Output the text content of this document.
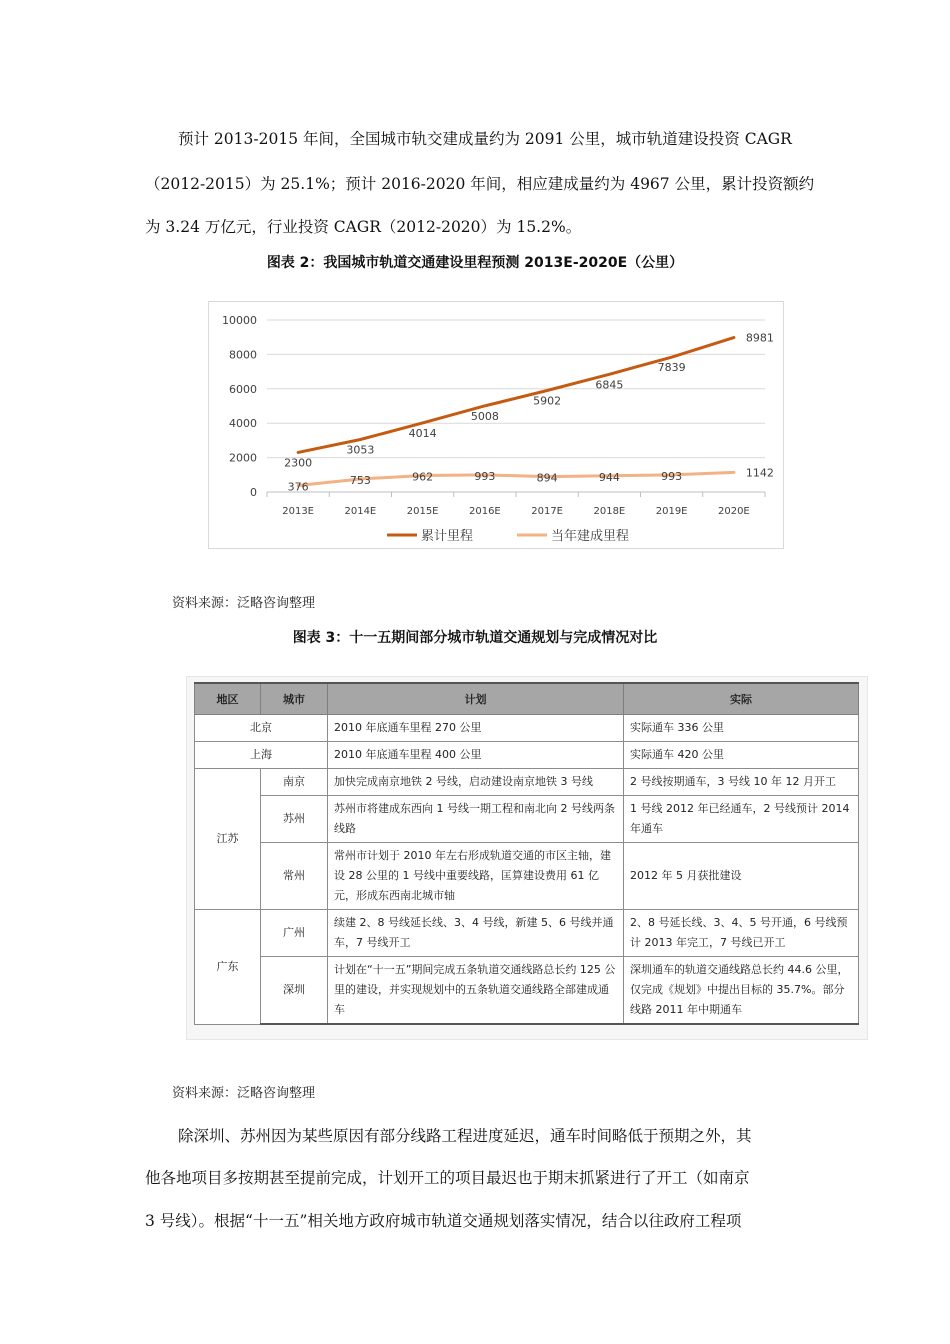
预计 2013-2015 年间，全国城市轨交建成量约为 2091 公里，城市轨道建设投资 CAGR
（2012-2015）为 25.1%；预计 2016-2020 年间，相应建成量约为 4967 公里，累计投资额约
为 3.24 万亿元，行业投资 CAGR（2012-2020）为 15.2%。
图表 2：我国城市轨道交通建设里程预测 2013E-2020E（公里）
0
2000
4000
6000
8000
10000
2013E	2014E	2015E	2016E	2017E	2018E	2019E	2020E
2300
3053
4014
5008
5902
6845
7839
8981
376	753	962	993	894	944	993	1142
累计里程	当年建成里程
资料来源：泛略咨询整理
图表 3：十一五期间部分城市轨道交通规划与完成情况对比
地区	城市	计划	实际
北京		2010 年底通车里程 270 公里	实际通车 336 公里
上海		2010 年底通车里程 400 公里	实际通车 420 公里
江苏	南京	加快完成南京地铁 2 号线，启动建设南京地铁 3 号线	2 号线按期通车，3 号线 10 年 12 月开工
	苏州	苏州市将建成东西向 1 号线一期工程和南北向 2 号线两条线路	1 号线 2012 年已经通车，2 号线预计 2014 年通车
	常州	常州市计划于 2010 年左右形成轨道交通的市区主轴，建设 28 公里的 1 号线中重要线路，匡算建设费用 61 亿元，形成东西南北城市轴	2012 年 5 月获批建设
广东	广州	续建 2、8 号线延长线、3、4 号线，新建 5、6 号线并通车，7 号线开工	2、8 号延长线、3、4、5 号开通，6 号线预计 2013 年完工，7 号线已开工
	深圳	计划在“十一五”期间完成五条轨道交通线路总长约 125 公里的建设，并实现规划中的五条轨道交通线路全部建成通车	深圳通车的轨道交通线路总长约 44.6 公里，仅完成《规划》中提出目标的 35.7%。部分线路 2011 年中期通车
资料来源：泛略咨询整理
除深圳、苏州因为某些原因有部分线路工程进度延迟，通车时间略低于预期之外，其
他各地项目多按期甚至提前完成，计划开工的项目最迟也于期末抓紧进行了开工（如南京
3 号线）。根据“十一五”相关地方政府城市轨道交通规划落实情况，结合以往政府工程项
